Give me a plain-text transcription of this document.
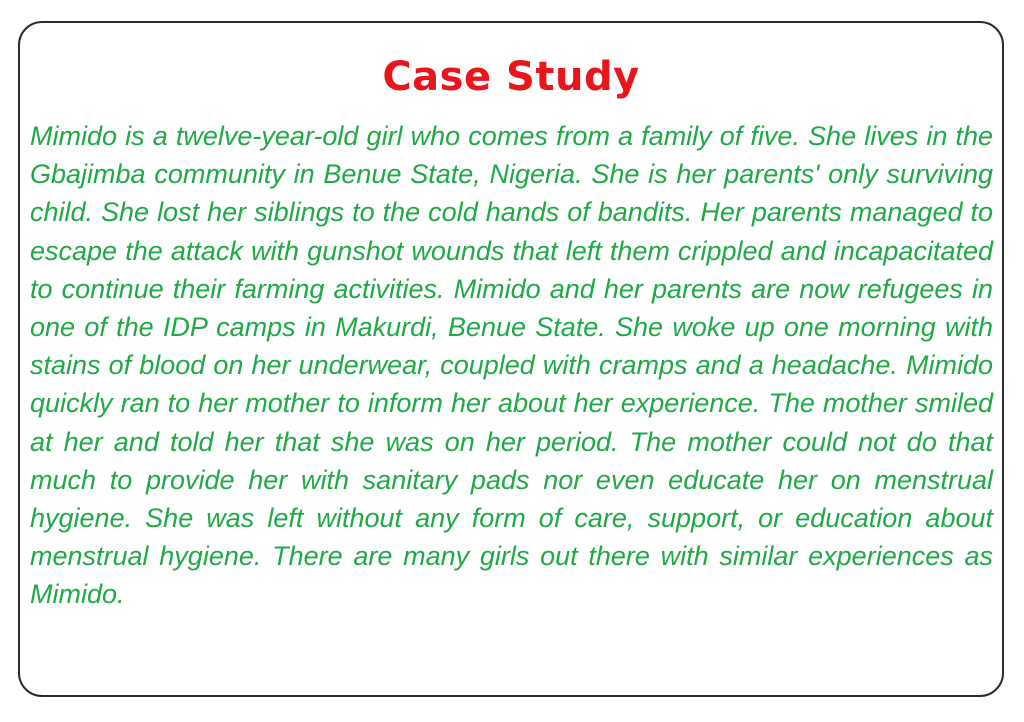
Case Study

Mimido is a twelve-year-old girl who comes from a family of five. She lives in the Gbajimba community in Benue State, Nigeria. She is her parents' only surviving child. She lost her siblings to the cold hands of bandits. Her parents managed to escape the attack with gunshot wounds that left them crippled and incapacitated to continue their farming activities. Mimido and her parents are now refugees in one of the IDP camps in Makurdi, Benue State. She woke up one morning with stains of blood on her underwear, coupled with cramps and a headache. Mimido quickly ran to her mother to inform her about her experience. The mother smiled at her and told her that she was on her period. The mother could not do that much to provide her with sanitary pads nor even educate her on menstrual hygiene. She was left without any form of care, support, or education about menstrual hygiene. There are many girls out there with similar experiences as Mimido.
